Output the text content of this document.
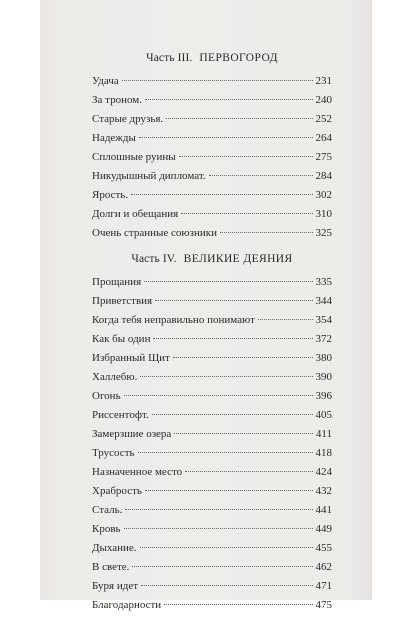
Часть III. ПЕРВОГОРОД
Удача	231
За троном.	240
Старые друзья.	252
Надежды	264
Сплошные руины	275
Никудышный дипломат.	284
Ярость.	302
Долги и обещания	310
Очень странные союзники	325
Часть IV. ВЕЛИКИЕ ДЕЯНИЯ
Прощания	335
Приветствия	344
Когда тебя неправильно понимают	354
Как бы один	372
Избранный Щит	380
Халлебю.	390
Огонь	396
Риссентофт.	405
Замерзшие озера	411
Трусость	418
Назначенное место	424
Храбрость	432
Сталь.	441
Кровь	449
Дыхание.	455
В свете.	462
Буря идет	471
Благодарности	475
